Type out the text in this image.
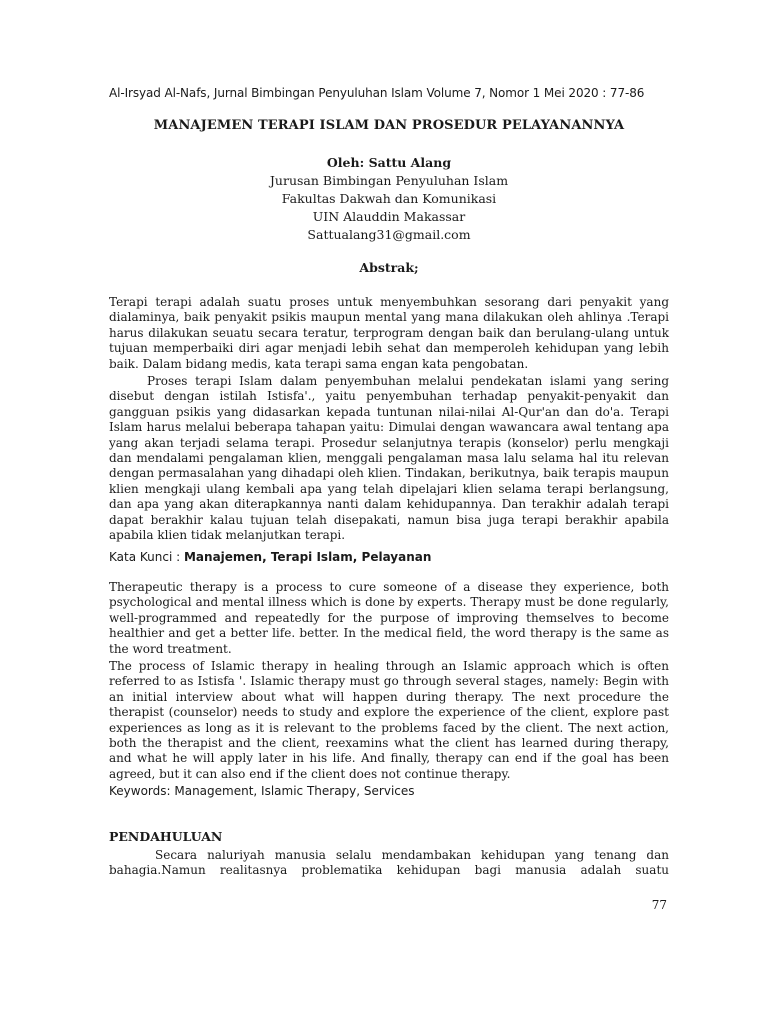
Al-Irsyad Al-Nafs, Jurnal Bimbingan Penyuluhan Islam Volume 7, Nomor 1 Mei 2020 : 77-86
MANAJEMEN TERAPI ISLAM DAN PROSEDUR PELAYANANNYA
Oleh: Sattu Alang
Jurusan Bimbingan Penyuluhan Islam
Fakultas Dakwah dan Komunikasi
UIN Alauddin Makassar
Sattualang31@gmail.com
Abstrak;

Terapi terapi adalah suatu proses untuk menyembuhkan sesorang dari penyakit yang dialaminya, baik penyakit psikis maupun mental yang mana dilakukan oleh ahlinya .Terapi harus dilakukan seuatu secara teratur, terprogram dengan baik dan berulang-ulang untuk tujuan memperbaiki diri agar menjadi lebih sehat dan memperoleh kehidupan yang lebih baik. Dalam bidang medis, kata terapi sama engan kata pengobatan.

Proses terapi Islam dalam penyembuhan melalui pendekatan islami yang sering disebut dengan istilah Istisfa'., yaitu penyembuhan terhadap penyakit-penyakit dan gangguan psikis yang didasarkan kepada tuntunan nilai-nilai Al-Qur'an dan do'a. Terapi Islam harus melalui beberapa tahapan yaitu: Dimulai dengan wawancara awal tentang apa yang akan terjadi selama terapi. Prosedur selanjutnya terapis (konselor) perlu mengkaji dan mendalami pengalaman klien, menggali pengalaman masa lalu selama hal itu relevan dengan permasalahan yang dihadapi oleh klien. Tindakan, berikutnya, baik terapis maupun klien mengkaji ulang kembali apa yang telah dipelajari klien selama terapi berlangsung, dan apa yang akan diterapkannya nanti dalam kehidupannya. Dan terakhir adalah terapi dapat berakhir kalau tujuan telah disepakati, namun bisa juga terapi berakhir apabila apabila klien tidak melanjutkan terapi.

Kata Kunci : Manajemen, Terapi Islam, Pelayanan

Therapeutic therapy is a process to cure someone of a disease they experience, both psychological and mental illness which is done by experts. Therapy must be done regularly, well-programmed and repeatedly for the purpose of improving themselves to become healthier and get a better life. better. In the medical field, the word therapy is the same as the word treatment.

The process of Islamic therapy in healing through an Islamic approach which is often referred to as Istisfa '. Islamic therapy must go through several stages, namely: Begin with an initial interview about what will happen during therapy. The next procedure the therapist (counselor) needs to study and explore the experience of the client, explore past experiences as long as it is relevant to the problems faced by the client. The next action, both the therapist and the client, reexamins what the client has learned during therapy, and what he will apply later in his life. And finally, therapy can end if the goal has been agreed, but it can also end if the client does not continue therapy.

Keywords: Management, Islamic Therapy, Services
PENDAHULUAN

Secara naluriyah manusia selalu mendambakan kehidupan yang tenang dan bahagia.Namun realitasnya problematika kehidupan bagi manusia adalah suatu

77
